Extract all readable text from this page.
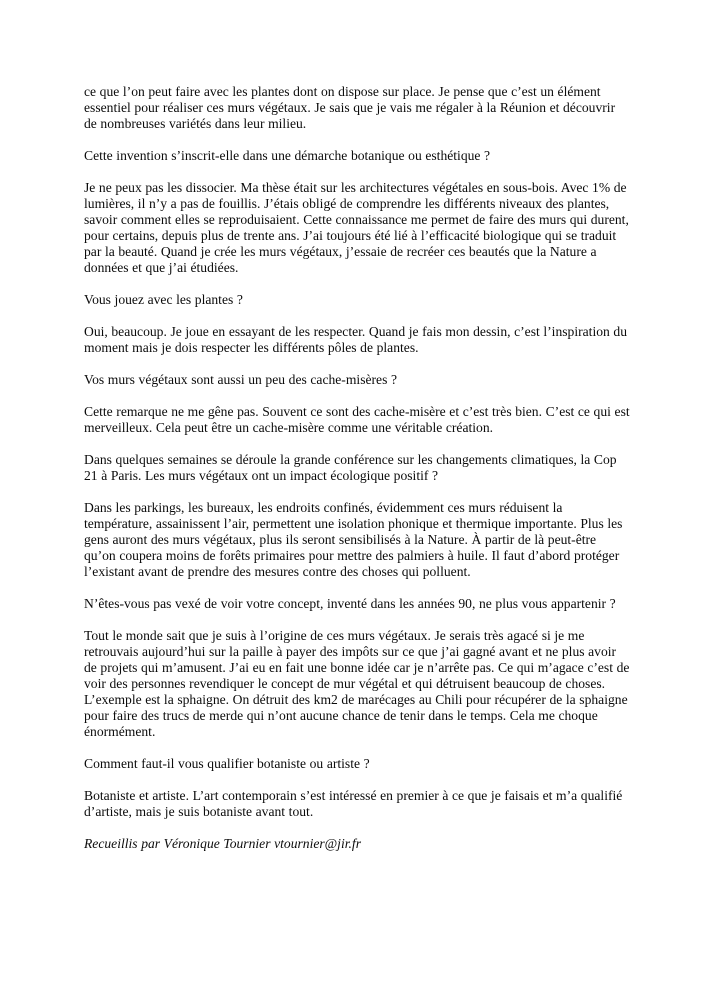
ce que l’on peut faire avec les plantes dont on dispose sur place. Je pense que c’est un élément essentiel pour réaliser ces murs végétaux. Je sais que je vais me régaler à la Réunion et découvrir de nombreuses variétés dans leur milieu.

Cette invention s’inscrit-elle dans une démarche botanique ou esthétique ?

Je ne peux pas les dissocier. Ma thèse était sur les architectures végétales en sous-bois. Avec 1% de lumières, il n’y a pas de fouillis. J’étais obligé de comprendre les différents niveaux des plantes, savoir comment elles se reproduisaient. Cette connaissance me permet de faire des murs qui durent, pour certains, depuis plus de trente ans. J’ai toujours été lié à l’efficacité biologique qui se traduit par la beauté. Quand je crée les murs végétaux, j’essaie de recréer ces beautés que la Nature a données et que j’ai étudiées.

Vous jouez avec les plantes ?

Oui, beaucoup. Je joue en essayant de les respecter. Quand je fais mon dessin, c’est l’inspiration du moment mais je dois respecter les différents pôles de plantes.

Vos murs végétaux sont aussi un peu des cache-misères ?

Cette remarque ne me gêne pas. Souvent ce sont des cache-misère et c’est très bien. C’est ce qui est merveilleux. Cela peut être un cache-misère comme une véritable création.

Dans quelques semaines se déroule la grande conférence sur les changements climatiques, la Cop 21 à Paris. Les murs végétaux ont un impact écologique positif ?

Dans les parkings, les bureaux, les endroits confinés, évidemment ces murs réduisent la température, assainissent l’air, permettent une isolation phonique et thermique importante. Plus les gens auront des murs végétaux, plus ils seront sensibilisés à la Nature. À partir de là peut-être qu’on coupera moins de forêts primaires pour mettre des palmiers à huile. Il faut d’abord protéger l’existant avant de prendre des mesures contre des choses qui polluent.

N’êtes-vous pas vexé de voir votre concept, inventé dans les années 90, ne plus vous appartenir ?

Tout le monde sait que je suis à l’origine de ces murs végétaux. Je serais très agacé si je me retrouvais aujourd’hui sur la paille à payer des impôts sur ce que j’ai gagné avant et ne plus avoir de projets qui m’amusent. J’ai eu en fait une bonne idée car je n’arrête pas. Ce qui m’agace c’est de voir des personnes revendiquer le concept de mur végétal et qui détruisent beaucoup de choses. L’exemple est la sphaigne. On détruit des km2 de marécages au Chili pour récupérer de la sphaigne pour faire des trucs de merde qui n’ont aucune chance de tenir dans le temps. Cela me choque énormément.

Comment faut-il vous qualifier botaniste ou artiste ?

Botaniste et artiste. L’art contemporain s’est intéressé en premier à ce que je faisais et m’a qualifié d’artiste, mais je suis botaniste avant tout.

Recueillis par Véronique Tournier vtournier@jir.fr
